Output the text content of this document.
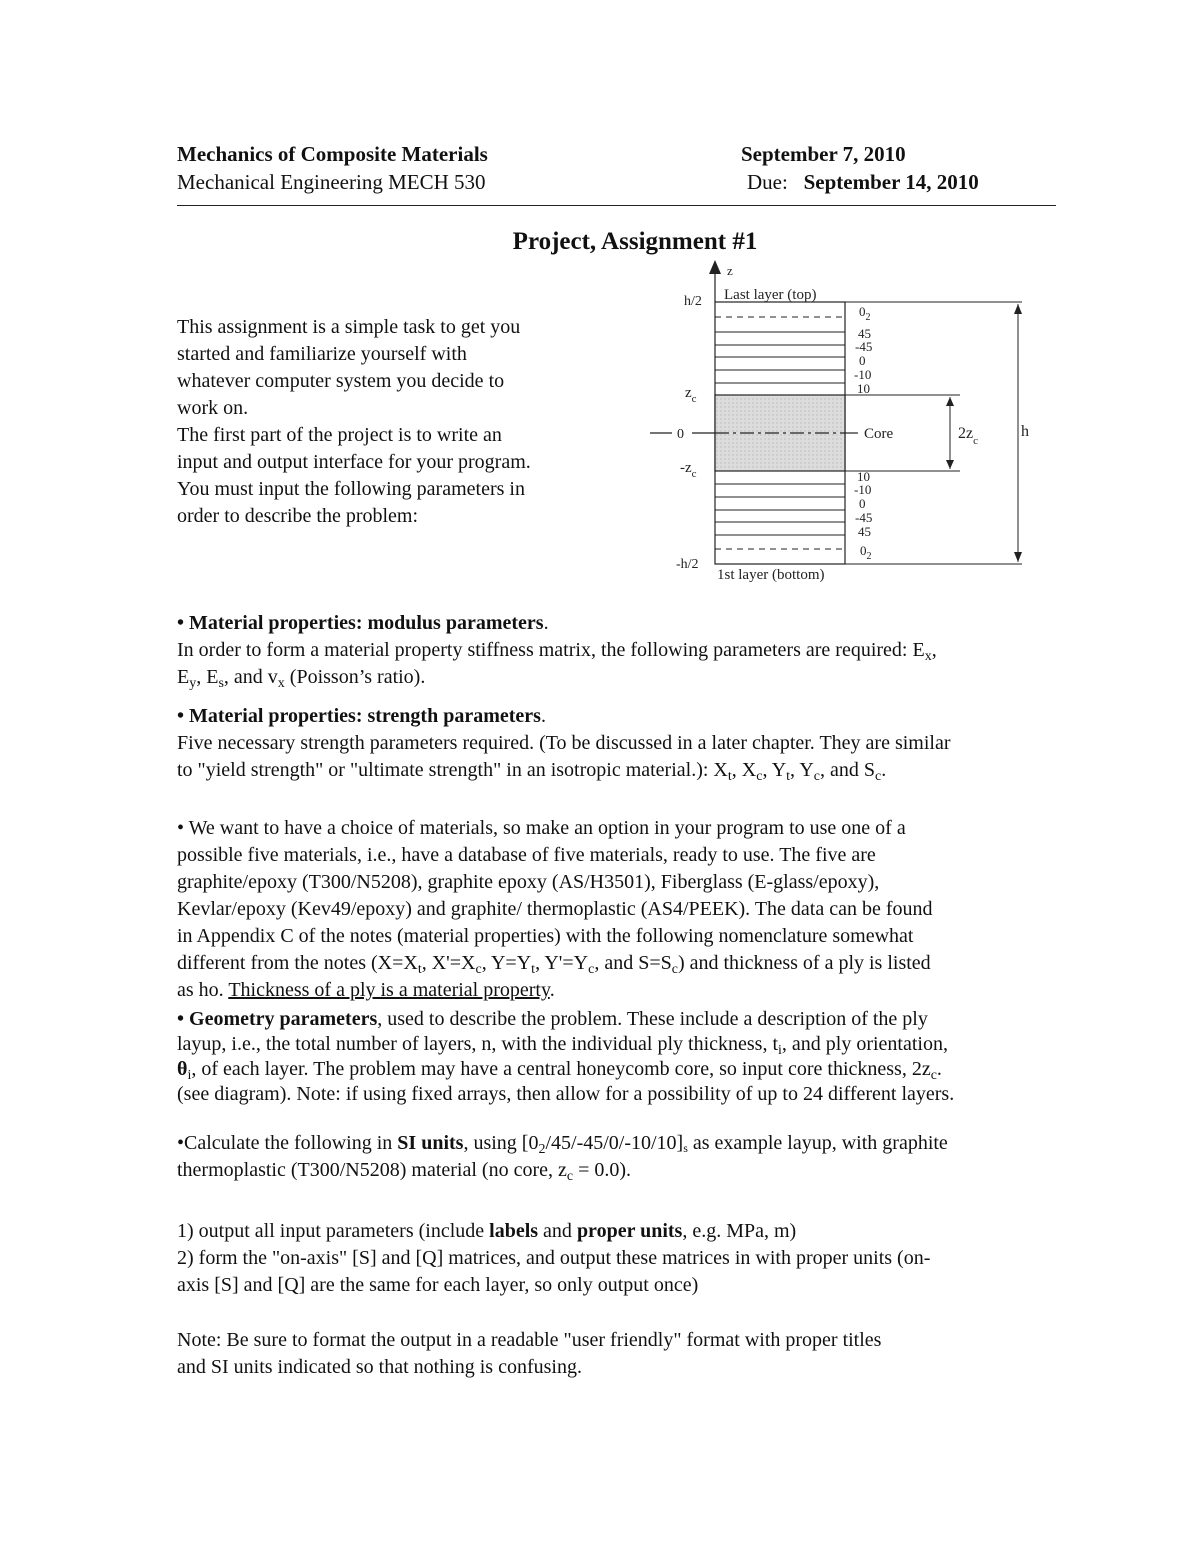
Mechanics of Composite Materials
Mechanical Engineering MECH 530
September 7, 2010
Due: September 14, 2010
Project, Assignment #1

This assignment is a simple task to get you

started and familiarize yourself with

whatever computer system you decide to

work on.

The first part of the project is to write an

input and output interface for your program.

You must input the following parameters in

order to describe the problem:

z
Last layer (top)
1st layer (bottom)
h/2
$z_c$
0
$-z_c$
-h/2
Core
$0_2$
45
-45
0
-10
10
10
-10
0
-45
45
$0_2$
$2z_c$
h

• Material properties: modulus parameters.

In order to form a material property stiffness matrix, the following parameters are required: $E_x$,

$E_y$, $E_s$, and $v_x$ (Poisson’s ratio).

• Material properties: strength parameters.

Five necessary strength parameters required. (To be discussed in a later chapter. They are similar

to "yield strength" or "ultimate strength" in an isotropic material.): $X_t$, $X_c$, $Y_t$, $Y_c$, and $S_c$.

• We want to have a choice of materials, so make an option in your program to use one of a

possible five materials, i.e., have a database of five materials, ready to use. The five are

graphite/epoxy (T300/N5208), graphite epoxy (AS/H3501), Fiberglass (E-glass/epoxy),

Kevlar/epoxy (Kev49/epoxy) and graphite/ thermoplastic (AS4/PEEK). The data can be found

in Appendix C of the notes (material properties) with the following nomenclature somewhat

different from the notes ($X=X_t$, $X'=X_c$, $Y=Y_t$, $Y'=Y_c$, and $S=S_c$) and thickness of a ply is listed

as ho. Thickness of a ply is a material property.

• Geometry parameters, used to describe the problem. These include a description of the ply

layup, i.e., the total number of layers, n, with the individual ply thickness, $t_i$, and ply orientation,

$\theta_i$, of each layer. The problem may have a central honeycomb core, so input core thickness, $2z_c$.

(see diagram). Note: if using fixed arrays, then allow for a possibility of up to 24 different layers.

•Calculate the following in SI units, using $[0_2/45/-45/0/-10/10]s$ as example layup, with graphite

thermoplastic (T300/N5208) material (no core, $z_c = 0.0$).

1) output all input parameters (include labels and proper units, e.g. MPa, m)

2) form the "on-axis" [S] and [Q] matrices, and output these matrices in with proper units (on-

axis [S] and [Q] are the same for each layer, so only output once)

Note: Be sure to format the output in a readable "user friendly" format with proper titles

and SI units indicated so that nothing is confusing.
